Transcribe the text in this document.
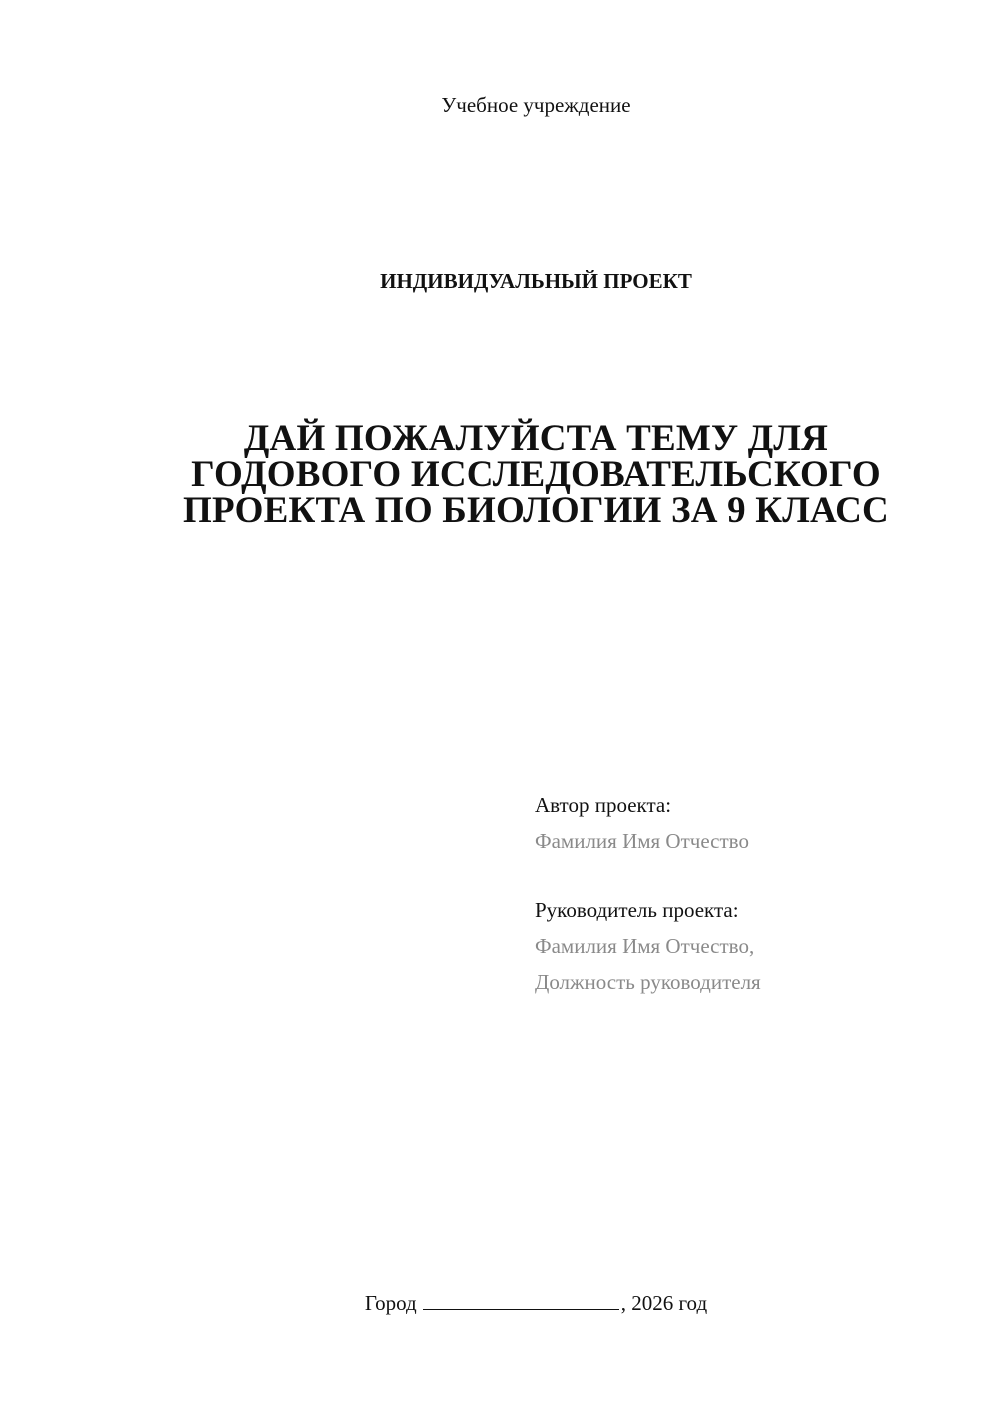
Учебное учреждение
ИНДИВИДУАЛЬНЫЙ ПРОЕКТ
ДАЙ ПОЖАЛУЙСТА ТЕМУ ДЛЯ
ГОДОВОГО ИССЛЕДОВАТЕЛЬСКОГО
ПРОЕКТА ПО БИОЛОГИИ ЗА 9 КЛАСС
Автор проекта:
Фамилия Имя Отчество
Руководитель проекта:
Фамилия Имя Отчество,
Должность руководителя
Город	, 2026 год
